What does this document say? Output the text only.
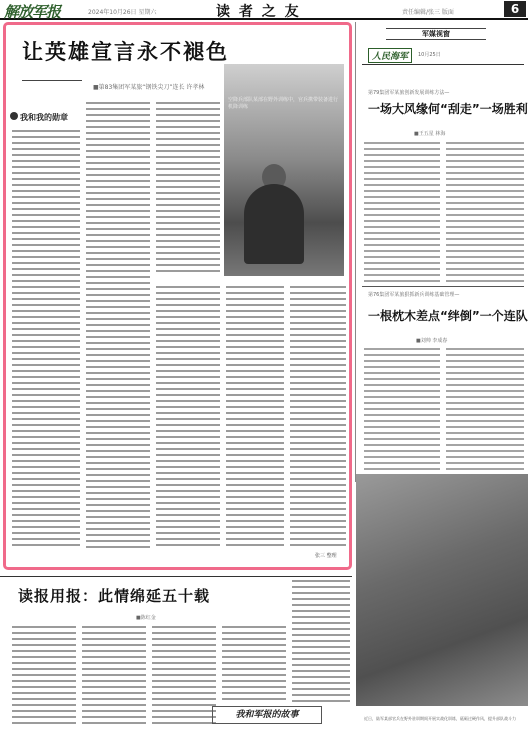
解放军报	2024年10月26日 星期六	读 者 之 友	责任编辑/张三 版面	6
让英雄宣言永不褪色
■第83集团军某旅“钢铁尖刀”连长 许孝林
我和我的勋章
空降兵部队某部在野外训练中，官兵携带装备进行机降训练
张三 整理
军媒视窗
人民海军	10月25日
第79集团军某旅创新发展训练方法—
一场大风缘何“刮走”一场胜利
■王五星 林海
第76集团军某旅狠抓新兵训练基础管理—
一根枕木差点“绊倒”一个连队
■刘帅 李成春
近日，陆军某部官兵在野外驻训期间开展实战化训练，砥砺过硬作风，提升部队战斗力
读报用报：此情绵延五十载
■陈红金
我和军报的故事
